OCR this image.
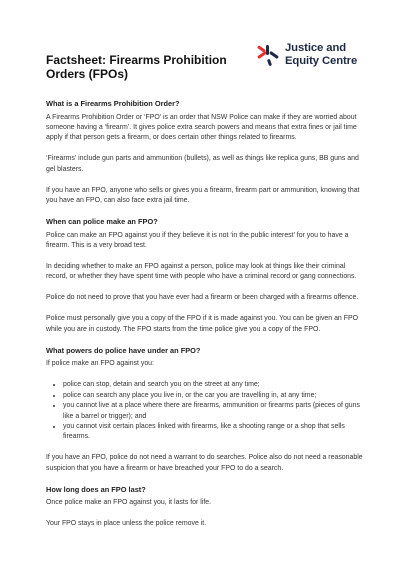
Justice and
Equity Centre
Factsheet: Firearms Prohibition Orders (FPOs)
What is a Firearms Prohibition Order?

A Firearms Prohibition Order or ‘FPO’ is an order that NSW Police can make if they are worried about someone having a ‘firearm’. It gives police extra search powers and means that extra fines or jail time apply if that person gets a firearm, or does certain other things related to firearms.

‘Firearms’ include gun parts and ammunition (bullets), as well as things like replica guns, BB guns and gel blasters.

If you have an FPO, anyone who sells or gives you a firearm, firearm part or ammunition, knowing that you have an FPO, can also face extra jail time.

When can police make an FPO?

Police can make an FPO against you if they believe it is not ‘in the public interest’ for you to have a firearm. This is a very broad test.

In deciding whether to make an FPO against a person, police may look at things like their criminal record, or whether they have spent time with people who have a criminal record or gang connections.

Police do not need to prove that you have ever had a firearm or been charged with a firearms offence.

Police must personally give you a copy of the FPO if it is made against you. You can be given an FPO while you are in custody. The FPO starts from the time police give you a copy of the FPO.

What powers do police have under an FPO?

If police make an FPO against you:

• police can stop, detain and search you on the street at any time;
• police can search any place you live in, or the car you are travelling in, at any time;
• you cannot live at a place where there are firearms, ammunition or firearms parts (pieces of guns like a barrel or trigger); and
• you cannot visit certain places linked with firearms, like a shooting range or a shop that sells firearms.

If you have an FPO, police do not need a warrant to do searches. Police also do not need a reasonable suspicion that you have a firearm or have breached your FPO to do a search.

How long does an FPO last?

Once police make an FPO against you, it lasts for life.

Your FPO stays in place unless the police remove it.
